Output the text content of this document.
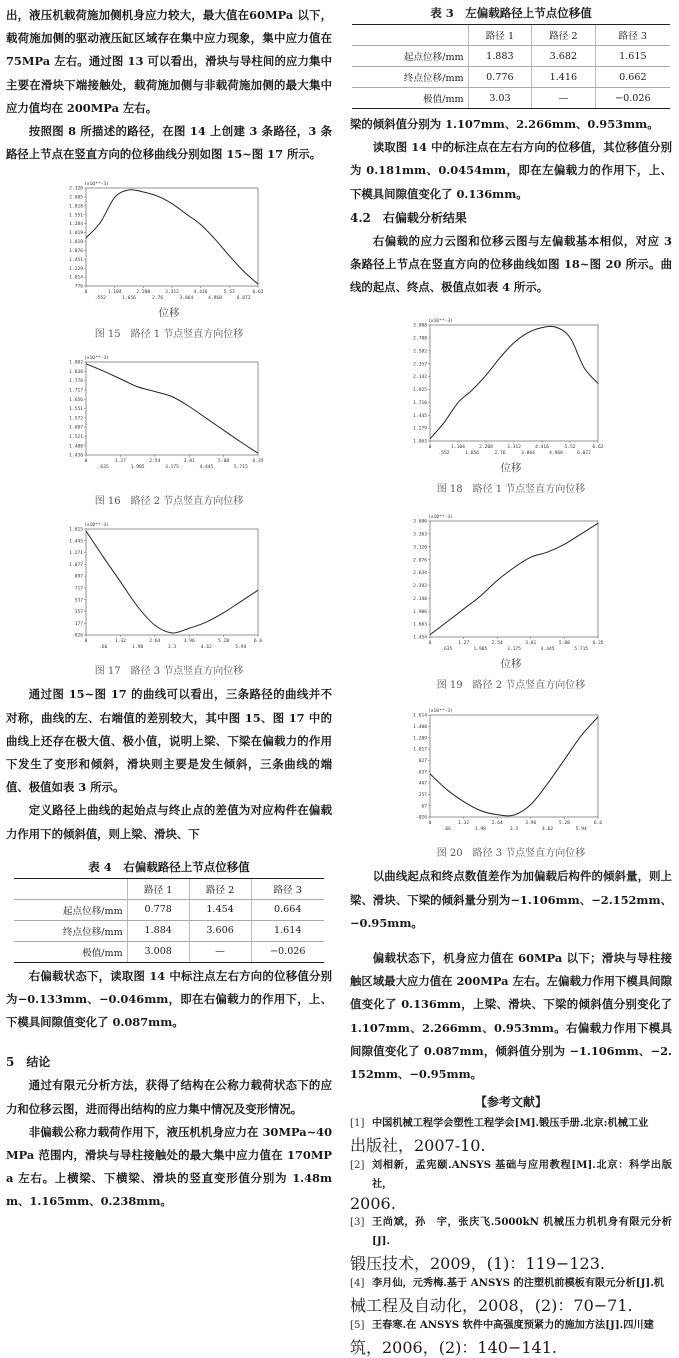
出，液压机载荷施加侧机身应力较大，最大值在60MPa 以下，载荷施加侧的驱动液压缸区域存在集中应力现象，集中应力值在 75MPa 左右。通过图 13 可以看出，滑块与导柱间的应力集中主要在滑块下端接触处，载荷施加侧与非载荷施加侧的最大集中应力值均在 200MPa 左右。

按照图 8 所描述的路径，在图 14 上创建 3 条路径，3 条路径上节点在竖直方向的位移曲线分别如图 15~图 17 所示。

(x10**-3)
2.320
2.085
1.818
1.551
1.284
1.019
1.010
1.876
1.451
1.229
1.014
776
0	1.104	2.208	3.312	4.416	5.52	6.62
.552	1.656	2.76	3.864	4.968	6.072
位移
图 15　路径 1 节点竖直方向位移
(x10**-3)
1.882
1.838
1.778
1.717
1.656
1.551
1.572
1.607
1.521
1.488
1.438
0	1.27	2.54	3.81	5.08	6.35
.635	1.905	3.175	4.445	5.715
图 16　路径 2 节点竖直方向位移
(x10**-3)
1.615
1.445
1.271
1.077
897
717
537
357
177
-026
0	1.32	2.64	3.96	5.28	6.6
.66	1.98	3.3	4.62	5.94
图 17　路径 3 节点竖直方向位移

通过图 15~图 17 的曲线可以看出，三条路径的曲线并不对称，曲线的左、右端值的差别较大，其中图 15、图 17 中的曲线上还存在极大值、极小值，说明上梁、下梁在偏载力的作用下发生了变形和倾斜，滑块则主要是发生倾斜，三条曲线的端值、极值如表 3 所示。

定义路径上曲线的起始点与终止点的差值为对应构件在偏载力作用下的倾斜值，则上梁、滑块、下

表 4　右偏载路径上节点位移值
	路径 1	路径 2	路径 3
起点位移/mm	0.778	1.454	0.664
终点位移/mm	1.884	3.606	1.614
极值/mm	3.008	—	−0.026

右偏载状态下，读取图 14 中标注点左右方向的位移值分别为−0.133mm、−0.046mm，即在右偏载力的作用下，上、下模具间隙值变化了 0.087mm。

5　结论

通过有限元分析方法，获得了结构在公称力载荷状态下的应力和位移云图，进而得出结构的应力集中情况及变形情况。

非偏载公称力载荷作用下，液压机机身应力在 30MPa~40MPa 范围内，滑块与导柱接触处的最大集中应力值在 170MPa 左右。上横梁、下横梁、滑块的竖直变形值分别为 1.48mm、1.165mm、0.238mm。

表 3　左偏载路径上节点位移值
	路径 1	路径 2	路径 3
起点位移/mm	1.883	3.682	1.615
终点位移/mm	0.776	1.416	0.662
极值/mm	3.03	—	−0.026

梁的倾斜值分别为 1.107mm、2.266mm、0.953mm。

读取图 14 中的标注点在左右方向的位移值，其位移值分别为 0.181mm、0.0454mm，即在左偏载力的作用下，上、下模具间隙值变化了 0.136mm。

4.2　右偏载分析结果

右偏载的应力云图和位移云图与左偏载基本相似，对应 3 条路径上节点在竖直方向的位移曲线如图 18~图 20 所示。曲线的起点、终点、极值点如表 4 所示。

(x10**-3)
3.008
2.788
2.582
2.357
2.142
1.925
1.710
1.445
1.279
1.063
0	1.104	2.208	3.312	4.416	5.52	6.62
.552	1.656	2.76	3.864	4.968	6.072
位移
图 18　路径 1 节点竖直方向位移
(x10**-3)
3.606
3.363
3.120
2.876
2.634
2.392
2.148
1.906
1.663
1.454
0	1.27	2.54	3.81	5.08	6.35
.635	1.905	3.175	4.445	5.715
位移
图 19　路径 2 节点竖直方向位移
(x10**-3)
1.614
1.408
1.209
1.017
827
637
447
257
67
-026
0	1.32	2.64	3.96	5.28	6.6
.66	1.98	3.3	4.62	5.94
图 20　路径 3 节点竖直方向位移

以曲线起点和终点数值差作为加偏载后构件的倾斜量，则上梁、滑块、下梁的倾斜量分别为−1.106mm、−2.152mm、−0.95mm。

偏载状态下，机身应力值在 60MPa 以下；滑块与导柱接触区域最大应力值在 200MPa 左右。左偏载力作用下模具间隙值变化了 0.136mm，上梁、滑块、下梁的倾斜值分别变化了 1.107mm、2.266mm、0.953mm。右偏载力作用下模具间隙值变化了 0.087mm，倾斜值分别为 −1.106mm、−2.152mm、−0.95mm。

【参考文献】
[1] 中国机械工程学会塑性工程学会[M].锻压手册.北京:机械工业
出版社，2007-10.
[2] 刘相新，孟宪颐.ANSYS 基础与应用教程[M].北京：科学出版社，
2006.
[3] 王尚斌，孙　宇，张庆飞.5000kN 机械压力机机身有限元分析[J].
锻压技术，2009，(1)：119−123.
[4] 李月仙，元秀梅.基于 ANSYS 的注塑机前模板有限元分析[J].机
械工程及自动化，2008，(2)：70−71.
[5] 王春寒.在 ANSYS 软件中高强度预紧力的施加方法[J].四川建
筑，2006，(2)：140−141.
